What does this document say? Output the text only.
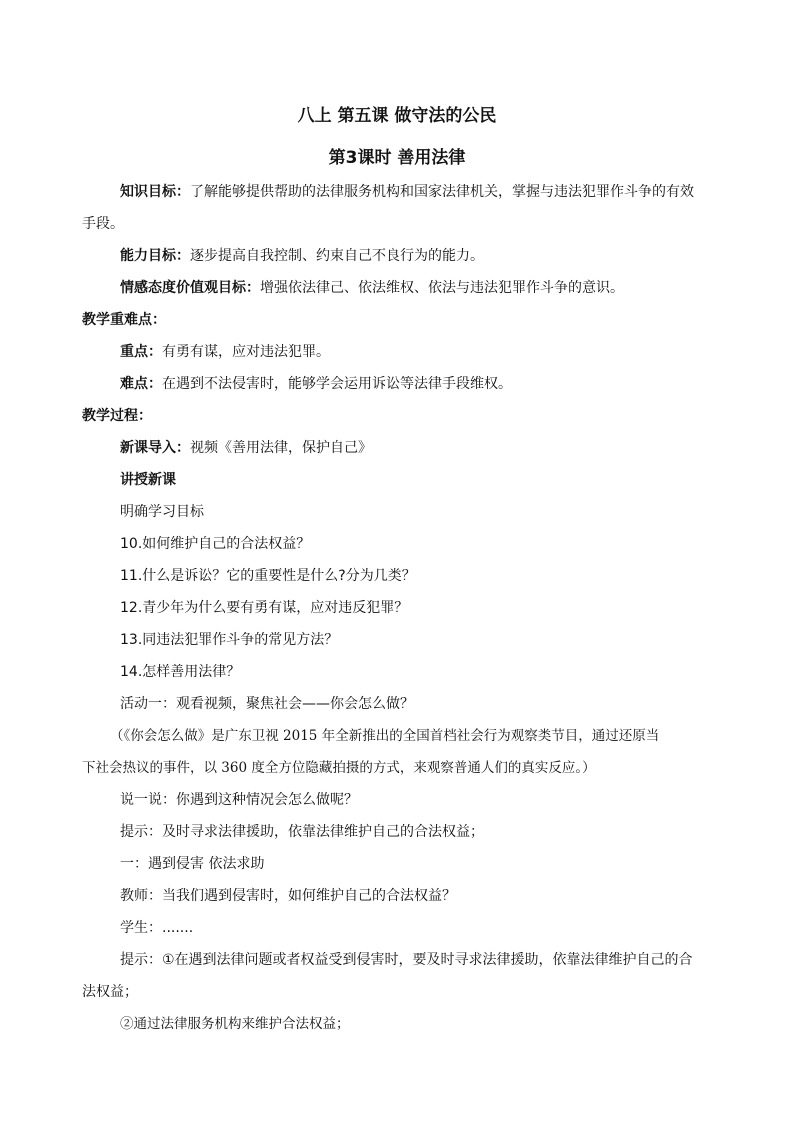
八上 第五课 做守法的公民
第3课时 善用法律
知识目标：了解能够提供帮助的法律服务机构和国家法律机关，掌握与违法犯罪作斗争的有效
手段。
能力目标：逐步提高自我控制、约束自己不良行为的能力。
情感态度价值观目标：增强依法律己、依法维权、依法与违法犯罪作斗争的意识。
教学重难点：
重点：有勇有谋，应对违法犯罪。
难点：在遇到不法侵害时，能够学会运用诉讼等法律手段维权。
教学过程：
新课导入：视频《善用法律，保护自己》
讲授新课
明确学习目标
10.如何维护自己的合法权益？
11.什么是诉讼？它的重要性是什么?分为几类？
12.青少年为什么要有勇有谋，应对违反犯罪？
13.同违法犯罪作斗争的常见方法？
14.怎样善用法律？
活动一：观看视频，聚焦社会——你会怎么做？
（《你会怎么做》是广东卫视 2015 年全新推出的全国首档社会行为观察类节目，通过还原当
下社会热议的事件，以 360 度全方位隐藏拍摄的方式，来观察普通人们的真实反应。）
说一说：你遇到这种情况会怎么做呢？
提示：及时寻求法律援助，依靠法律维护自己的合法权益；
一：遇到侵害 依法求助
教师：当我们遇到侵害时，如何维护自己的合法权益？
学生：.......
提示：①在遇到法律问题或者权益受到侵害时，要及时寻求法律援助，依靠法律维护自己的合
法权益；
②通过法律服务机构来维护合法权益；
